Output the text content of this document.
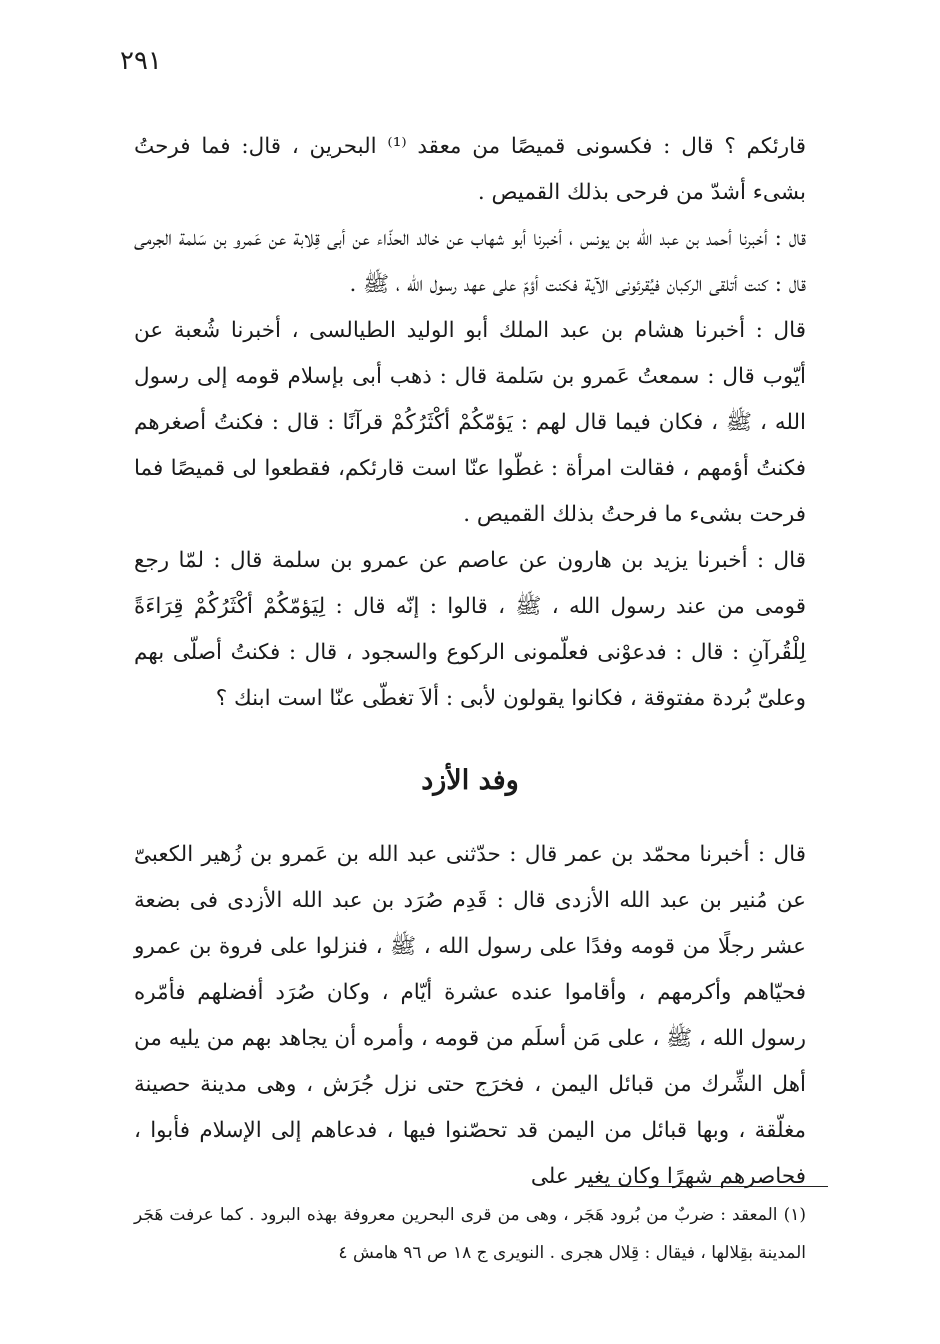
٢٩١

قارئكم ؟ قال : فكسونى قميصًا من معقد ⁽¹⁾ البحرين ، قال: فما فرحتُ بشىء أشدّ من فرحى بذلك القميص .

قال : أخبرنا أحمد بن عبد الله بن يونس ، أخبرنا أبو شهاب عن خالد الحذّاء عن أبى قِلابة عن عَمرو بن سَلمة الجرمى قال : كنت أتلقى الركبان فيُقرئونى الآية فكنت أؤمّ على عهد رسول الله ، ﷺ .

قال : أخبرنا هشام بن عبد الملك أبو الوليد الطيالسى ، أخبرنا شُعبة عن أيّوب قال : سمعتُ عَمرو بن سَلمة قال : ذهب أبى بإسلام قومه إلى رسول الله ، ﷺ ، فكان فيما قال لهم : يَؤمّكُمْ أكْثَرُكُمْ قرآنًا : قال : فكنتُ أصغرهم فكنتُ أؤمهم ، فقالت امرأة : غطّوا عنّا است قارئكم، فقطعوا لى قميصًا فما فرحت بشىء ما فرحتُ بذلك القميص .

قال : أخبرنا يزيد بن هارون عن عاصم عن عمرو بن سلمة قال : لمّا رجع قومى من عند رسول الله ، ﷺ ، قالوا : إنّه قال : لِيَؤمّكُمْ أكْثَرُكُمْ قِرَاءَةً لِلْقُرآنِ : قال : فدعوْنى فعلّمونى الركوع والسجود ، قال : فكنتُ أصلّى بهم وعلىّ بُردة مفتوقة ، فكانوا يقولون لأبى : ألاَ تغطّى عنّا است ابنك ؟

وفد الأزد

قال : أخبرنا محمّد بن عمر قال : حدّثنى عبد الله بن عَمرو بن زُهير الكعبىّ عن مُنير بن عبد الله الأزدى قال : قَدِم صُرَد بن عبد الله الأزدى فى بضعة عشر رجلًا من قومه وفدًا على رسول الله ، ﷺ ، فنزلوا على فروة بن عمرو فحيّاهم وأكرمهم ، وأقاموا عنده عشرة أيّام ، وكان صُرَد أفضلهم فأمّره رسول الله ، ﷺ ، على مَن أسلَم من قومه ، وأمره أن يجاهد بهم من يليه من أهل الشِّرك من قبائل اليمن ، فخرَج حتى نزل جُرَش ، وهى مدينة حصينة مغلّقة ، وبها قبائل من اليمن قد تحصّنوا فيها ، فدعاهم إلى الإسلام فأبوا ، فحاصرهم شهرًا وكان يغير على

(١) المعقد : ضربٌ من بُرود هَجَر ، وهى من قرى البحرين معروفة بهذه البرود . كما عرفت هَجَر المدينة بقِلالها ، فيقال : قِلال هجرى . النويرى ج ١٨ ص ٩٦ هامش ٤
